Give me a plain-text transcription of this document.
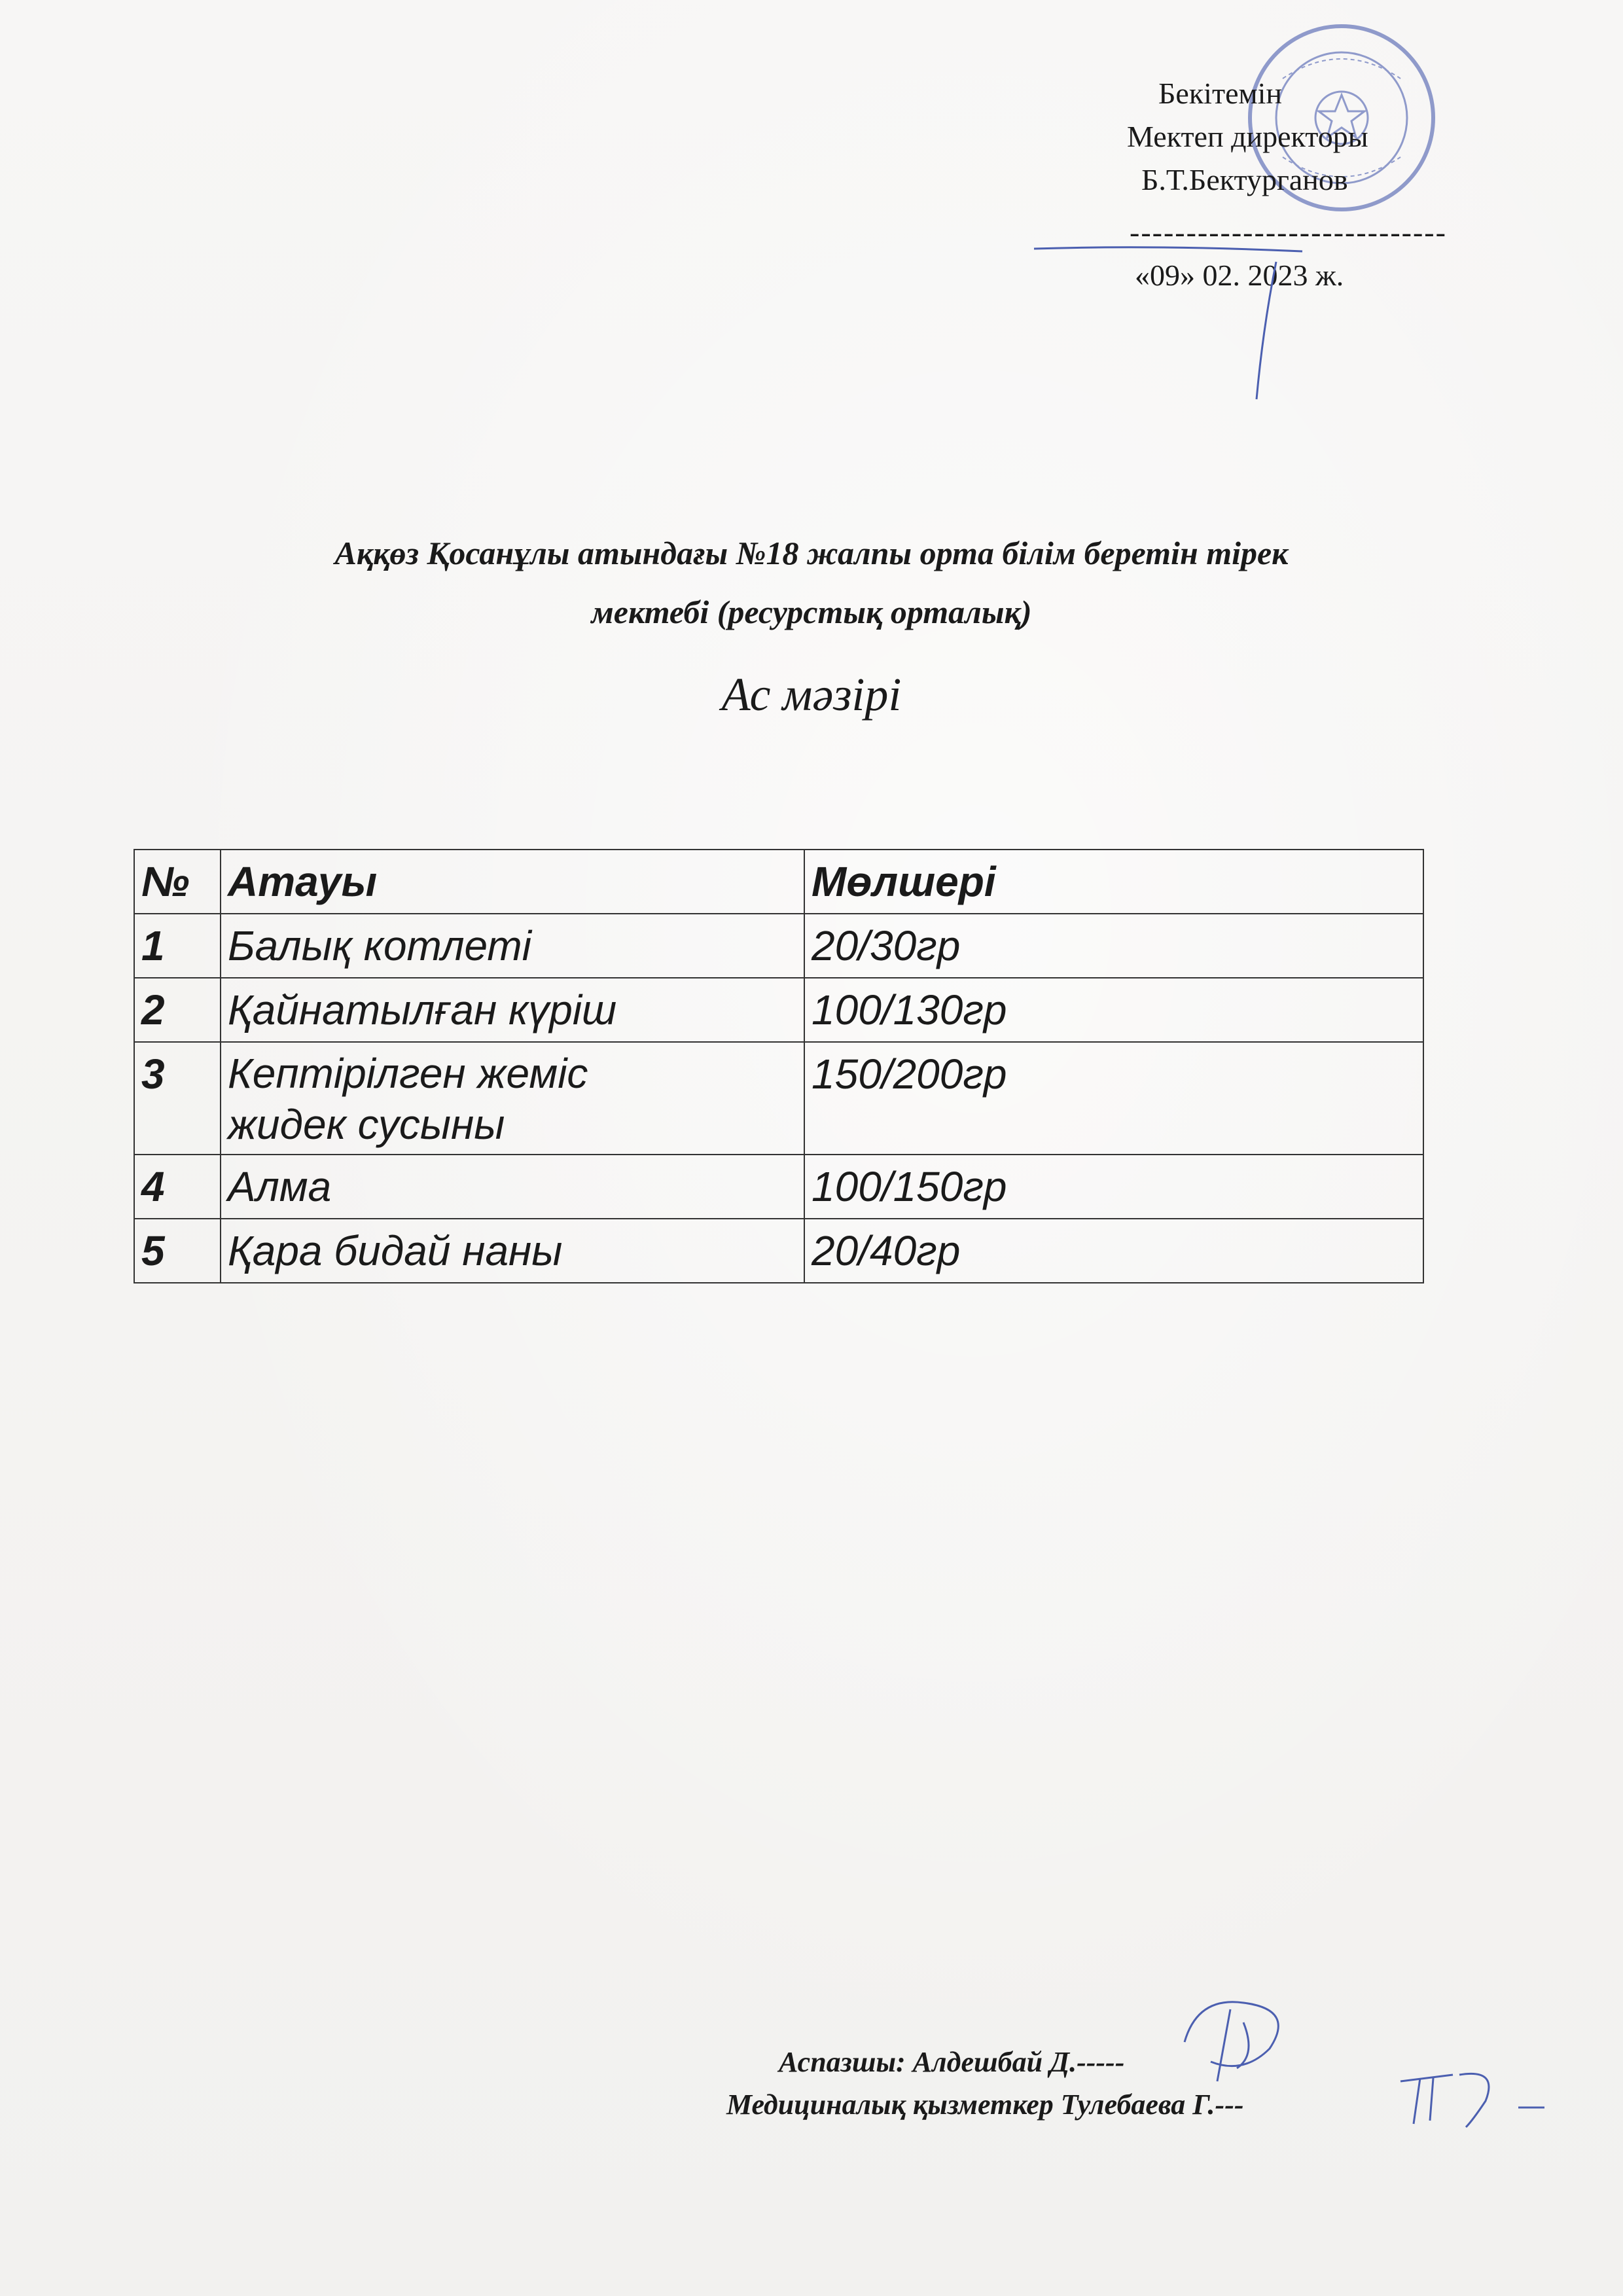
Бекітемін
Мектеп директоры
Б.Т.Бектурганов
----------------------------
«09» 02. 2023 ж.
Аққөз Қосанұлы атындағы №18 жалпы орта білім беретін тірек
мектебі (ресурстық орталық)
Ас мәзірі
№	Атауы	Мөлшері
1	Балық котлеті	20/30гр
2	Қайнатылған күріш	100/130гр
3	Кептірілген жеміс
жидек сусыны	150/200гр
4	Алма	100/150гр
5	Қара бидай наны	20/40гр
Аспазшы: Алдешбай Д.-----
Медициналық қызметкер Тулебаева Г.---
